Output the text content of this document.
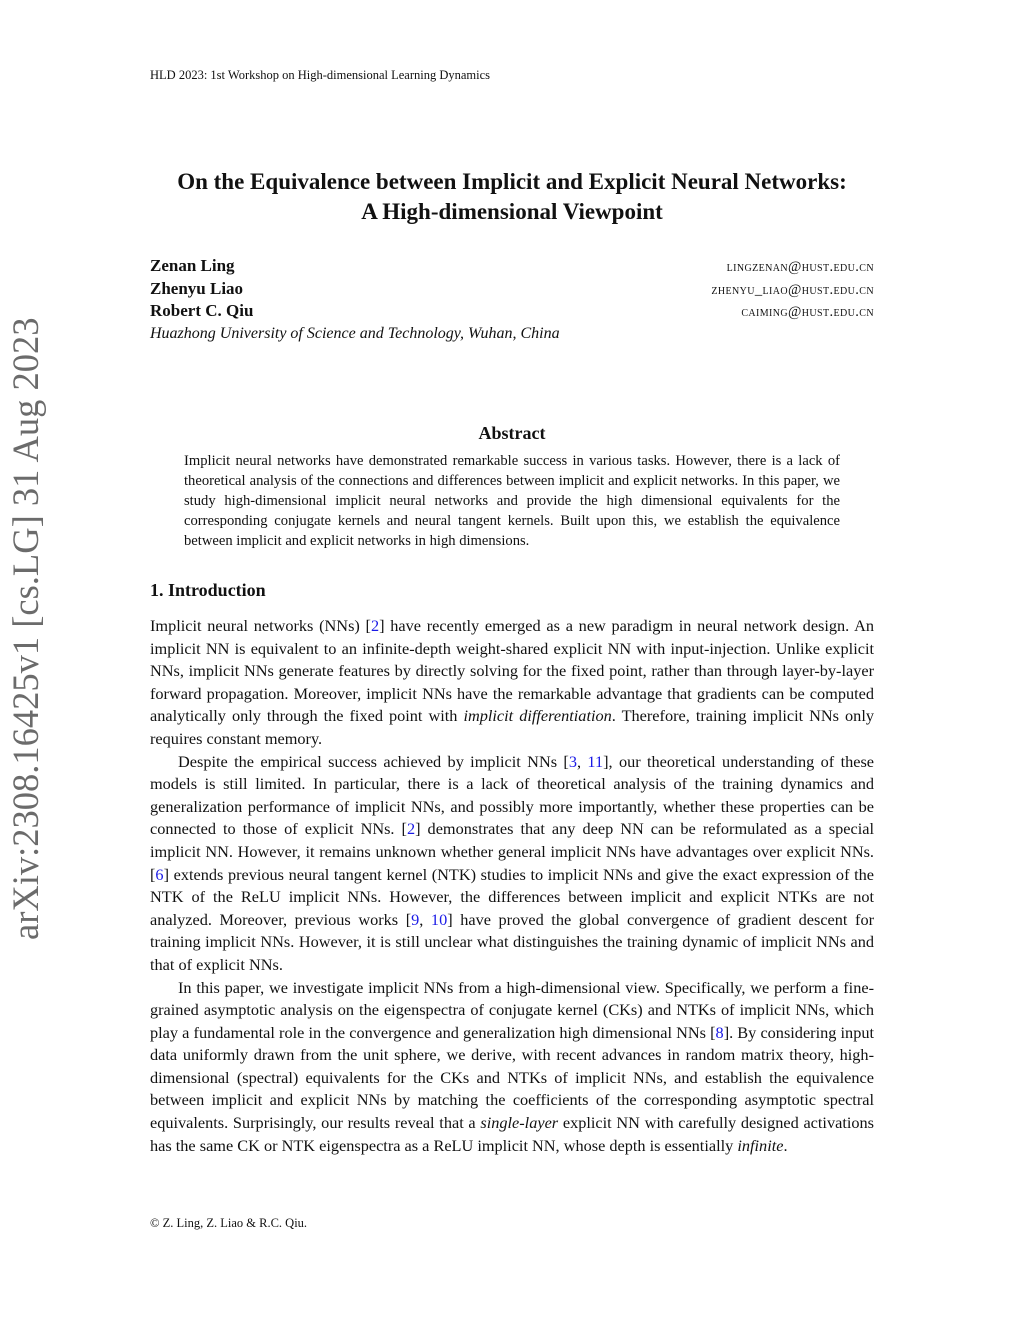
HLD 2023: 1st Workshop on High-dimensional Learning Dynamics
On the Equivalence between Implicit and Explicit Neural Networks:
A High-dimensional Viewpoint
Zenan Ling	lingzenan@hust.edu.cn
Zhenyu Liao	zhenyu_liao@hust.edu.cn
Robert C. Qiu	caiming@hust.edu.cn
Huazhong University of Science and Technology, Wuhan, China
arXiv:2308.16425v1 [cs.LG] 31 Aug 2023	Abstract
Implicit neural networks have demonstrated remarkable success in various tasks. However, there is a lack of theoretical analysis of the connections and differences between implicit and explicit networks. In this paper, we study high-dimensional implicit neural networks and provide the high dimensional equivalents for the corresponding conjugate kernels and neural tangent kernels. Built upon this, we establish the equivalence between implicit and explicit networks in high dimensions.
1. Introduction

Implicit neural networks (NNs) [2] have recently emerged as a new paradigm in neural network design. An implicit NN is equivalent to an infinite-depth weight-shared explicit NN with input-injection. Unlike explicit NNs, implicit NNs generate features by directly solving for the fixed point, rather than through layer-by-layer forward propagation. Moreover, implicit NNs have the remarkable advantage that gradients can be computed analytically only through the fixed point with implicit differentiation. Therefore, training implicit NNs only requires constant memory.

Despite the empirical success achieved by implicit NNs [3, 11], our theoretical understanding of these models is still limited. In particular, there is a lack of theoretical analysis of the training dynamics and generalization performance of implicit NNs, and possibly more importantly, whether these properties can be connected to those of explicit NNs. [2] demonstrates that any deep NN can be reformulated as a special implicit NN. However, it remains unknown whether general implicit NNs have advantages over explicit NNs. [6] extends previous neural tangent kernel (NTK) studies to implicit NNs and give the exact expression of the NTK of the ReLU implicit NNs. However, the differences between implicit and explicit NTKs are not analyzed. Moreover, previous works [9, 10] have proved the global convergence of gradient descent for training implicit NNs. However, it is still unclear what distinguishes the training dynamic of implicit NNs and that of explicit NNs.

In this paper, we investigate implicit NNs from a high-dimensional view. Specifically, we perform a fine-grained asymptotic analysis on the eigenspectra of conjugate kernel (CKs) and NTKs of implicit NNs, which play a fundamental role in the convergence and generalization high dimensional NNs [8]. By considering input data uniformly drawn from the unit sphere, we derive, with recent advances in random matrix theory, high-dimensional (spectral) equivalents for the CKs and NTKs of implicit NNs, and establish the equivalence between implicit and explicit NNs by matching the coefficients of the corresponding asymptotic spectral equivalents. Surprisingly, our results reveal that a single-layer explicit NN with carefully designed activations has the same CK or NTK eigenspectra as a ReLU implicit NN, whose depth is essentially infinite.

© Z. Ling, Z. Liao & R.C. Qiu.
